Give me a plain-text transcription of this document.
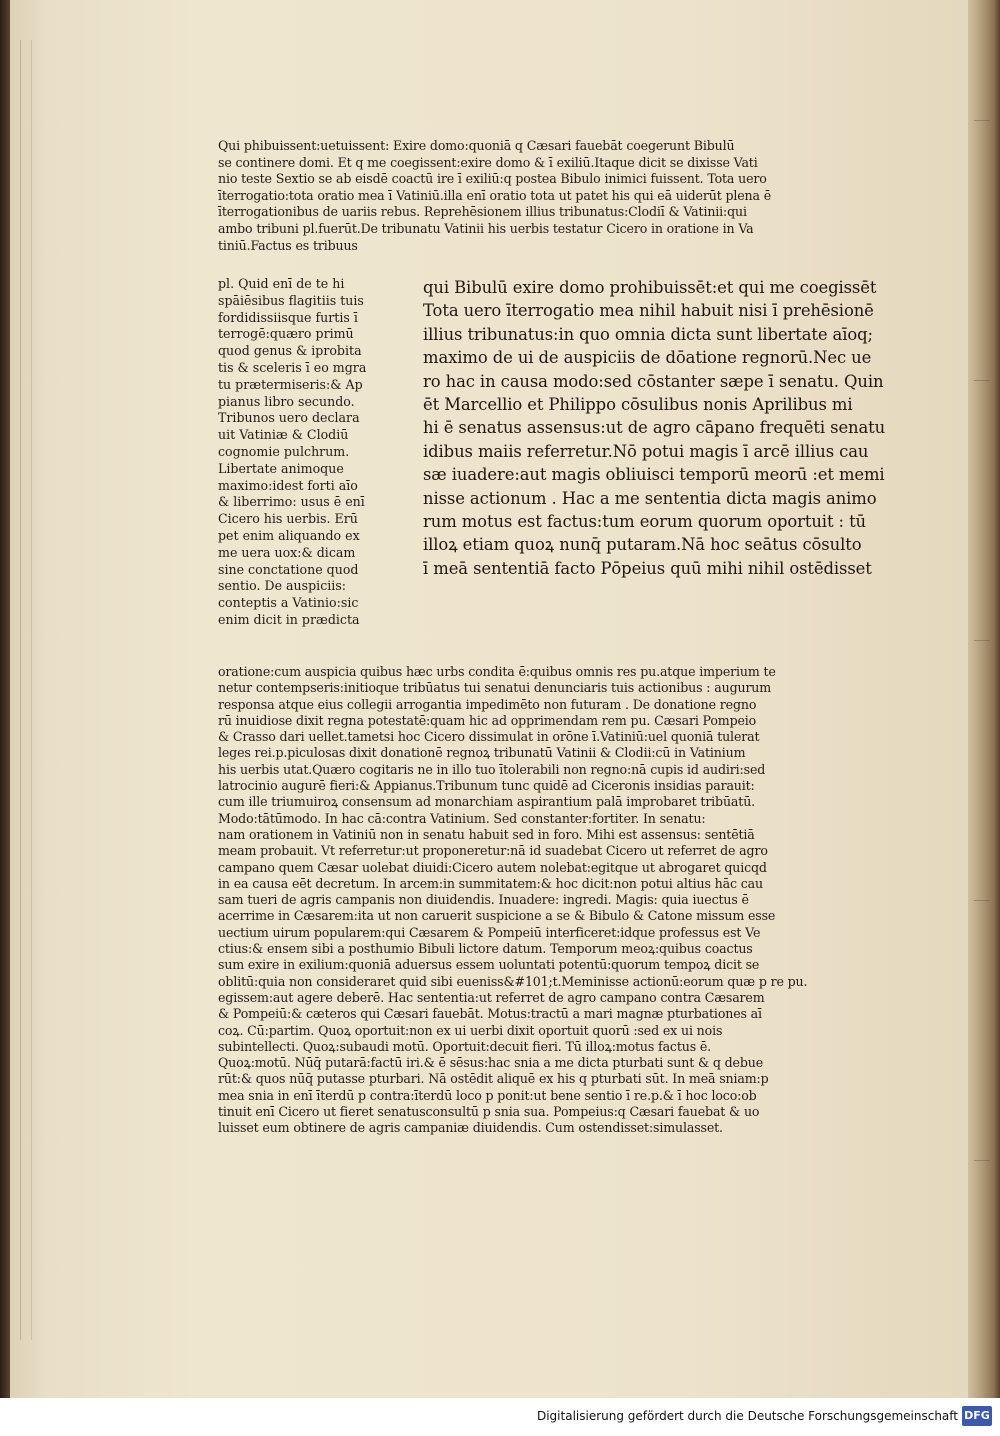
Qui phibuissent:uetuissent: Exire domo:quoniā q Cæsari fauebāt coegerunt Bibulū
se continere domi. Et q me coegissent:exire domo & ī exiliū.Itaque dicit se dixisse Vati
nio teste Sextio se ab eisdē coactū ire ī exiliū:q postea Bibulo inimici fuissent. Tota uero
īterrogatio:tota oratio mea ī Vatiniū.illa enī oratio tota ut patet his qui eā uiderūt plena ē
īterrogationibus de uariis rebus. Reprehēsionem illius tribunatus:Clodiī & Vatinii:qui
ambo tribuni pl.fuerūt.De tribunatu Vatinii his uerbis testatur Cicero in oratione in Va
tiniū.Factus es tribuus
pl. Quid enī de te hi
spāiēsibus flagitiis tuis
fordidissiisque furtis ī
terrogē:quæro primū
quod genus & iprobita
tis & sceleris ī eo mgra
tu prætermiseris:& Ap
pianus libro secundo.
Tribunos uero declara
uit Vatiniæ & Clodiū
cognomie pulchrum.
Libertate animoque
maximo:idest forti aīo
& liberrimo: usus ē enī
Cicero his uerbis. Erū
pet enim aliquando ex
me uera uox:& dicam
sine conctatione quod
sentio. De auspiciis:
conteptis a Vatinio:sic
enim dicit in prædicta
qui Bibulū exire domo prohibuissēt:et qui me coegissēt
Tota uero īterrogatio mea nihil habuit nisi ī prehēsionē
illius tribunatus:in quo omnia dicta sunt libertate aīoq;
maximo de ui de auspiciis de dōatione regnorū.Nec ue
ro hac in causa modo:sed cōstanter sæpe ī senatu. Quin
ēt Marcellio et Philippo cōsulibus nonis Aprilibus mi
hi ē senatus assensus:ut de agro cāpano frequēti senatu
idibus maiis referretur.Nō potui magis ī arcē illius cau
sæ iuadere:aut magis obliuisci temporū meorū :et memi
nisse actionum . Hac a me sententia dicta magis animo
rum motus est factus:tum eorum quorum oportuit : tū
illoꝝ etiam quoꝝ nunq̄ putaram.Nā hoc seātus cōsulto
ī meā sententiā facto Pōpeius quū mihi nihil ostēdisset
oratione:cum auspicia quibus hæc urbs condita ē:quibus omnis res pu.atque imperium te
netur contempseris:initioque tribūatus tui senatui denunciaris tuis actionibus : augurum
responsa atque eius collegii arrogantia impedimēto non futuram . De donatione regno
rū inuidiose dixit regna potestatē:quam hic ad opprimendam rem pu. Cæsari Pompeio
& Crasso dari uellet.tametsi hoc Cicero dissimulat in orōne ī.Vatiniū:uel quoniā tulerat
leges rei.p.piculosas dixit donationē regnoꝝ tribunatū Vatinii & Clodii:cū in Vatinium
his uerbis utat.Quæro cogitaris ne in illo tuo ītolerabili non regno:nā cupis id audiri:sed
latrocinio augurē fieri:& Appianus.Tribunum tunc quidē ad Ciceronis insidias parauit:
cum ille triumuiroꝝ consensum ad monarchiam aspirantium palā improbaret tribūatū.
Modo:tātūmodo. In hac cā:contra Vatinium. Sed constanter:fortiter. In senatu:
nam orationem in Vatiniū non in senatu habuit sed in foro. Mihi est assensus: sentētiā
meam probauit. Vt referretur:ut proponeretur:nā id suadebat Cicero ut referret de agro
campano quem Cæsar uolebat diuidi:Cicero autem nolebat:egitque ut abrogaret quicqd
in ea causa eēt decretum. In arcem:in summitatem:& hoc dicit:non potui altius hāc cau
sam tueri de agris campanis non diuidendis. Inuadere: ingredi. Magis: quia iuectus ē
acerrime in Cæsarem:ita ut non caruerit suspicione a se & Bibulo & Catone missum esse
uectium uirum popularem:qui Cæsarem & Pompeiū interficeret:idque professus est Ve
ctius:& ensem sibi a posthumio Bibuli lictore datum. Temporum meoꝝ:quibus coactus
sum exire in exilium:quoniā aduersus essem uoluntati potentū:quorum tempoꝝ dicit se
oblitū:quia non consideraret quid sibi eueniss&#101;t.Meminisse actionū:eorum quæ p re pu.
egissem:aut agere deberē. Hac sententia:ut referret de agro campano contra Cæsarem
& Pompeiū:& cæteros qui Cæsari fauebāt. Motus:tractū a mari magnæ pturbationes aī
coꝝ. Cū:partim. Quoꝝ oportuit:non ex ui uerbi dixit oportuit quorū :sed ex ui nois
subintellecti. Quoꝝ:subaudi motū. Oportuit:decuit fieri. Tū illoꝝ:motus factus ē.
Quoꝝ:motū. Nūq̄ putarā:factū iri.& ē sēsus:hac snia a me dicta pturbati sunt & q debue
rūt:& quos nūq̄ putasse pturbari. Nā ostēdit aliquē ex his q pturbati sūt. In meā sniam:p
mea snia in enī īterdū p contra:īterdū loco p ponit:ut bene sentio ī re.p.& ī hoc loco:ob
tinuit enī Cicero ut fieret senatusconsultū p snia sua. Pompeius:q Cæsari fauebat & uo
luisset eum obtinere de agris campaniæ diuidendis. Cum ostendisset:simulasset.
Digitalisierung gefördert durch die Deutsche Forschungsgemeinschaft DFG
